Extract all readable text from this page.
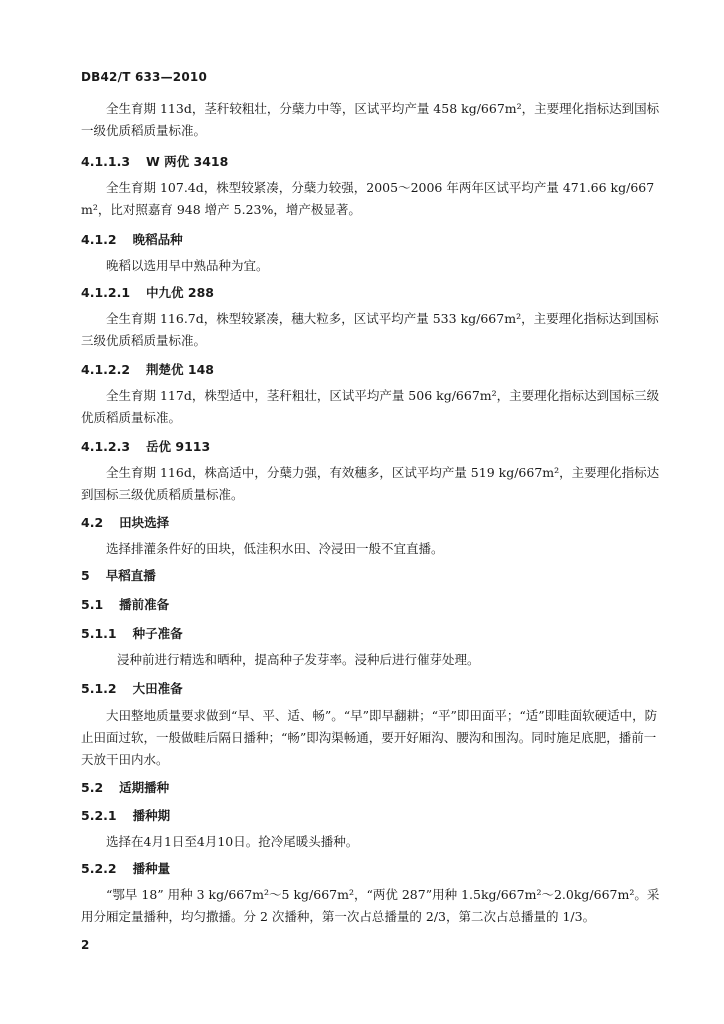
DB42/T 633—2010
全生育期 113d，茎秆较粗壮，分蘖力中等，区试平均产量 458 kg/667m²，主要理化指标达到国标一级优质稻质量标准。
4.1.1.3 W 两优 3418
全生育期 107.4d，株型较紧凑，分蘖力较强，2005～2006 年两年区试平均产量 471.66 kg/667 m²，比对照嘉育 948 增产 5.23%，增产极显著。
4.1.2 晚稻品种
晚稻以选用早中熟品种为宜。
4.1.2.1 中九优 288
全生育期 116.7d，株型较紧凑，穗大粒多，区试平均产量 533 kg/667m²，主要理化指标达到国标三级优质稻质量标准。
4.1.2.2 荆楚优 148
全生育期 117d，株型适中，茎秆粗壮，区试平均产量 506 kg/667m²，主要理化指标达到国标三级优质稻质量标准。
4.1.2.3 岳优 9113
全生育期 116d，株高适中，分蘖力强，有效穗多，区试平均产量 519 kg/667m²，主要理化指标达到国标三级优质稻质量标准。
4.2 田块选择
选择排灌条件好的田块，低洼积水田、冷浸田一般不宜直播。
5 早稻直播
5.1 播前准备
5.1.1 种子准备
浸种前进行精选和晒种，提高种子发芽率。浸种后进行催芽处理。
5.1.2 大田准备
大田整地质量要求做到“早、平、适、畅”。“早”即早翻耕；“平”即田面平；“适”即畦面软硬适中，防止田面过软，一般做畦后隔日播种；“畅”即沟渠畅通，要开好厢沟、腰沟和围沟。同时施足底肥，播前一天放干田内水。
5.2 适期播种
5.2.1 播种期
选择在4月1日至4月10日。抢冷尾暖头播种。
5.2.2 播种量
“鄂早 18” 用种 3 kg/667m²～5 kg/667m²，“两优 287”用种 1.5kg/667m²～2.0kg/667m²。采用分厢定量播种，均匀撒播。分 2 次播种，第一次占总播量的 2/3，第二次占总播量的 1/3。
2
